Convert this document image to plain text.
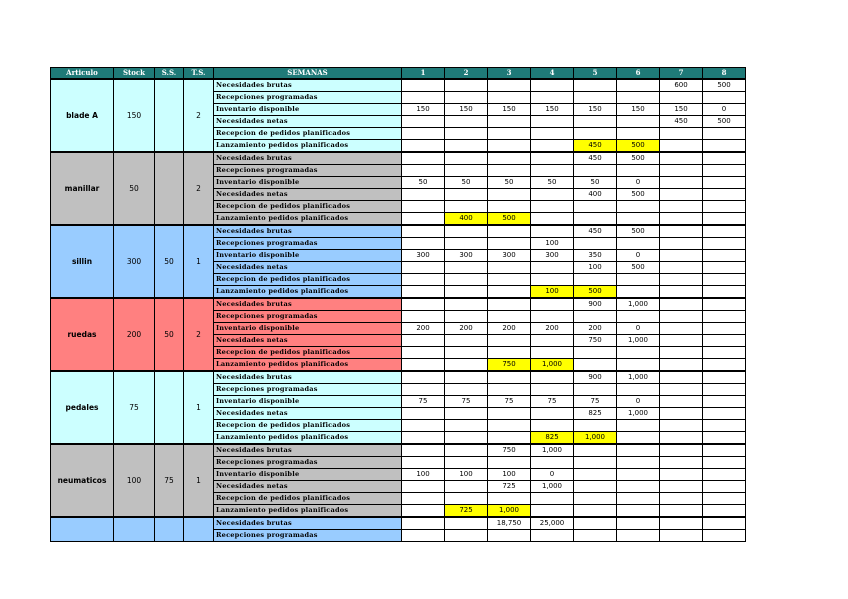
Articulo	Stock	S.S.	T.S.	SEMANAS	1	2	3	4	5	6	7	8
blade A	150		2	Necesidades brutas							600	500
				Recepciones programadas								
				Inventario disponible	150	150	150	150	150	150	150	0
				Necesidades netas							450	500
				Recepcion de pedidos planificados								
				Lanzamiento pedidos planificados					450	500		
manillar	50		2	Necesidades brutas					450	500		
				Recepciones programadas								
				Inventario disponible	50	50	50	50	50	0		
				Necesidades netas					400	500		
				Recepcion de pedidos planificados								
				Lanzamiento pedidos planificados		400	500					
sillin	300	50	1	Necesidades brutas					450	500		
				Recepciones programadas				100				
				Inventario disponible	300	300	300	300	350	0		
				Necesidades netas					100	500		
				Recepcion de pedidos planificados								
				Lanzamiento pedidos planificados				100	500			
ruedas	200	50	2	Necesidades brutas					900	1,000		
				Recepciones programadas								
				Inventario disponible	200	200	200	200	200	0		
				Necesidades netas					750	1,000		
				Recepcion de pedidos planificados								
				Lanzamiento pedidos planificados			750	1,000				
pedales	75		1	Necesidades brutas					900	1,000		
				Recepciones programadas								
				Inventario disponible	75	75	75	75	75	0		
				Necesidades netas					825	1,000		
				Recepcion de pedidos planificados								
				Lanzamiento pedidos planificados				825	1,000			
neumaticos	100	75	1	Necesidades brutas			750	1,000				
				Recepciones programadas								
				Inventario disponible	100	100	100	0				
				Necesidades netas			725	1,000				
				Recepcion de pedidos planificados								
				Lanzamiento pedidos planificados		725	1,000					
				Necesidades brutas			18,750	25,000				
				Recepciones programadas								
